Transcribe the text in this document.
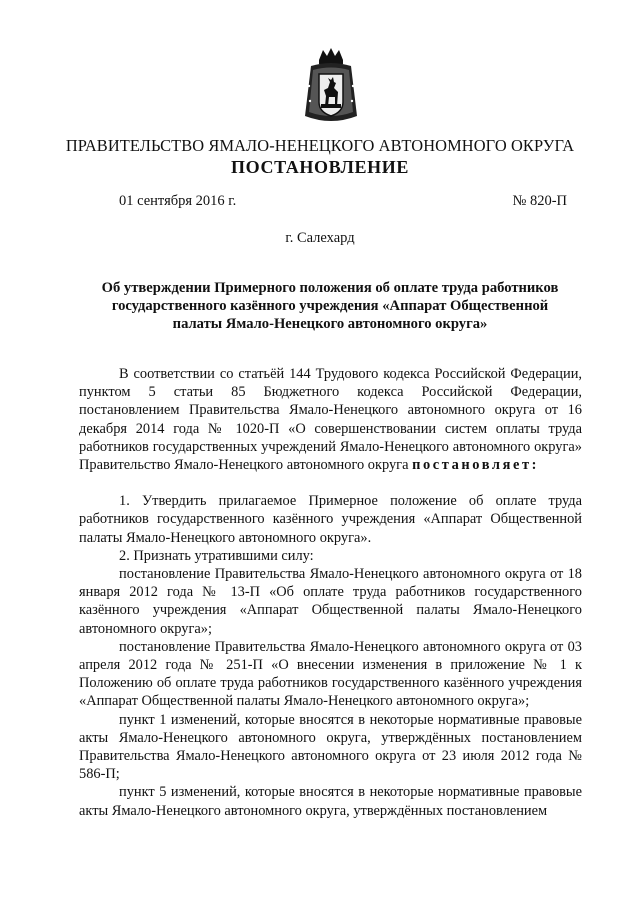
ПРАВИТЕЛЬСТВО ЯМАЛО-НЕНЕЦКОГО АВТОНОМНОГО ОКРУГА
ПОСТАНОВЛЕНИЕ
01 сентября 2016 г.	№ 820-П
г. Салехард
Об утверждении Примерного положения об оплате труда работников государственного казённого учреждения «Аппарат Общественной палаты Ямало-Ненецкого автономного округа»

В соответствии со статьёй 144 Трудового кодекса Российской Федерации, пунктом 5 статьи 85 Бюджетного кодекса Российской Федерации, постановлением Правительства Ямало-Ненецкого автономного округа от 16 декабря 2014 года № 1020-П «О совершенствовании систем оплаты труда работников государственных учреждений Ямало-Ненецкого автономного округа» Правительство Ямало-Ненецкого автономного округа постановляет:

1. Утвердить прилагаемое Примерное положение об оплате труда работников государственного казённого учреждения «Аппарат Общественной палаты Ямало-Ненецкого автономного округа».

2. Признать утратившими силу:

постановление Правительства Ямало-Ненецкого автономного округа от 18 января 2012 года № 13-П «Об оплате труда работников государственного казённого учреждения «Аппарат Общественной палаты Ямало-Ненецкого автономного округа»;

постановление Правительства Ямало-Ненецкого автономного округа от 03 апреля 2012 года № 251-П «О внесении изменения в приложение № 1 к Положению об оплате труда работников государственного казённого учреждения «Аппарат Общественной палаты Ямало-Ненецкого автономного округа»;

пункт 1 изменений, которые вносятся в некоторые нормативные правовые акты Ямало-Ненецкого автономного округа, утверждённых постановлением Правительства Ямало-Ненецкого автономного округа от 23 июля 2012 года № 586-П;

пункт 5 изменений, которые вносятся в некоторые нормативные правовые акты Ямало-Ненецкого автономного округа, утверждённых постановлением
